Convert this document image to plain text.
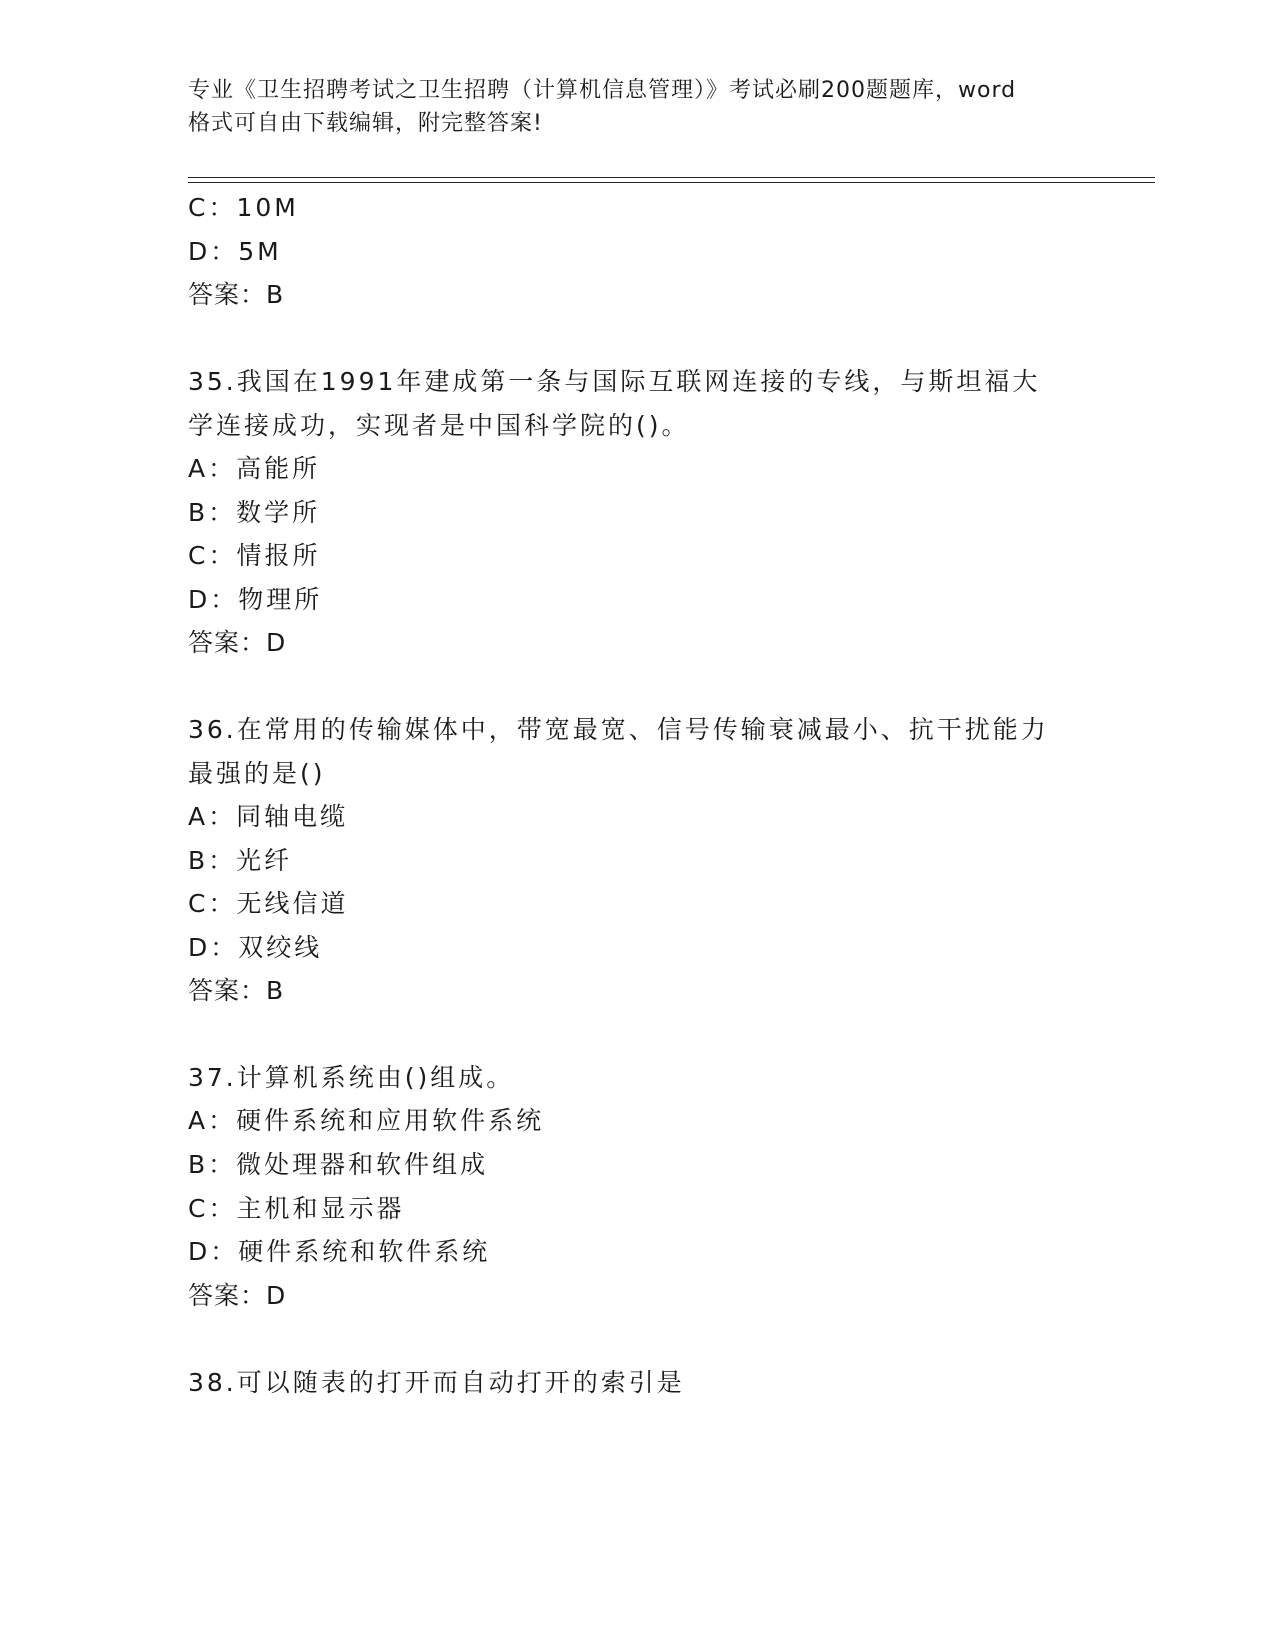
专业《卫生招聘考试之卫生招聘（计算机信息管理）》考试必刷200题题库，word
格式可自由下载编辑，附完整答案!
C：10M
D：5M
答案：B
35.我国在1991年建成第一条与国际互联网连接的专线，与斯坦福大
学连接成功，实现者是中国科学院的()。
A：高能所
B：数学所
C：情报所
D：物理所
答案：D
36.在常用的传输媒体中，带宽最宽、信号传输衰减最小、抗干扰能力
最强的是()
A：同轴电缆
B：光纤
C：无线信道
D：双绞线
答案：B
37.计算机系统由()组成。
A：硬件系统和应用软件系统
B：微处理器和软件组成
C：主机和显示器
D：硬件系统和软件系统
答案：D
38.可以随表的打开而自动打开的索引是
